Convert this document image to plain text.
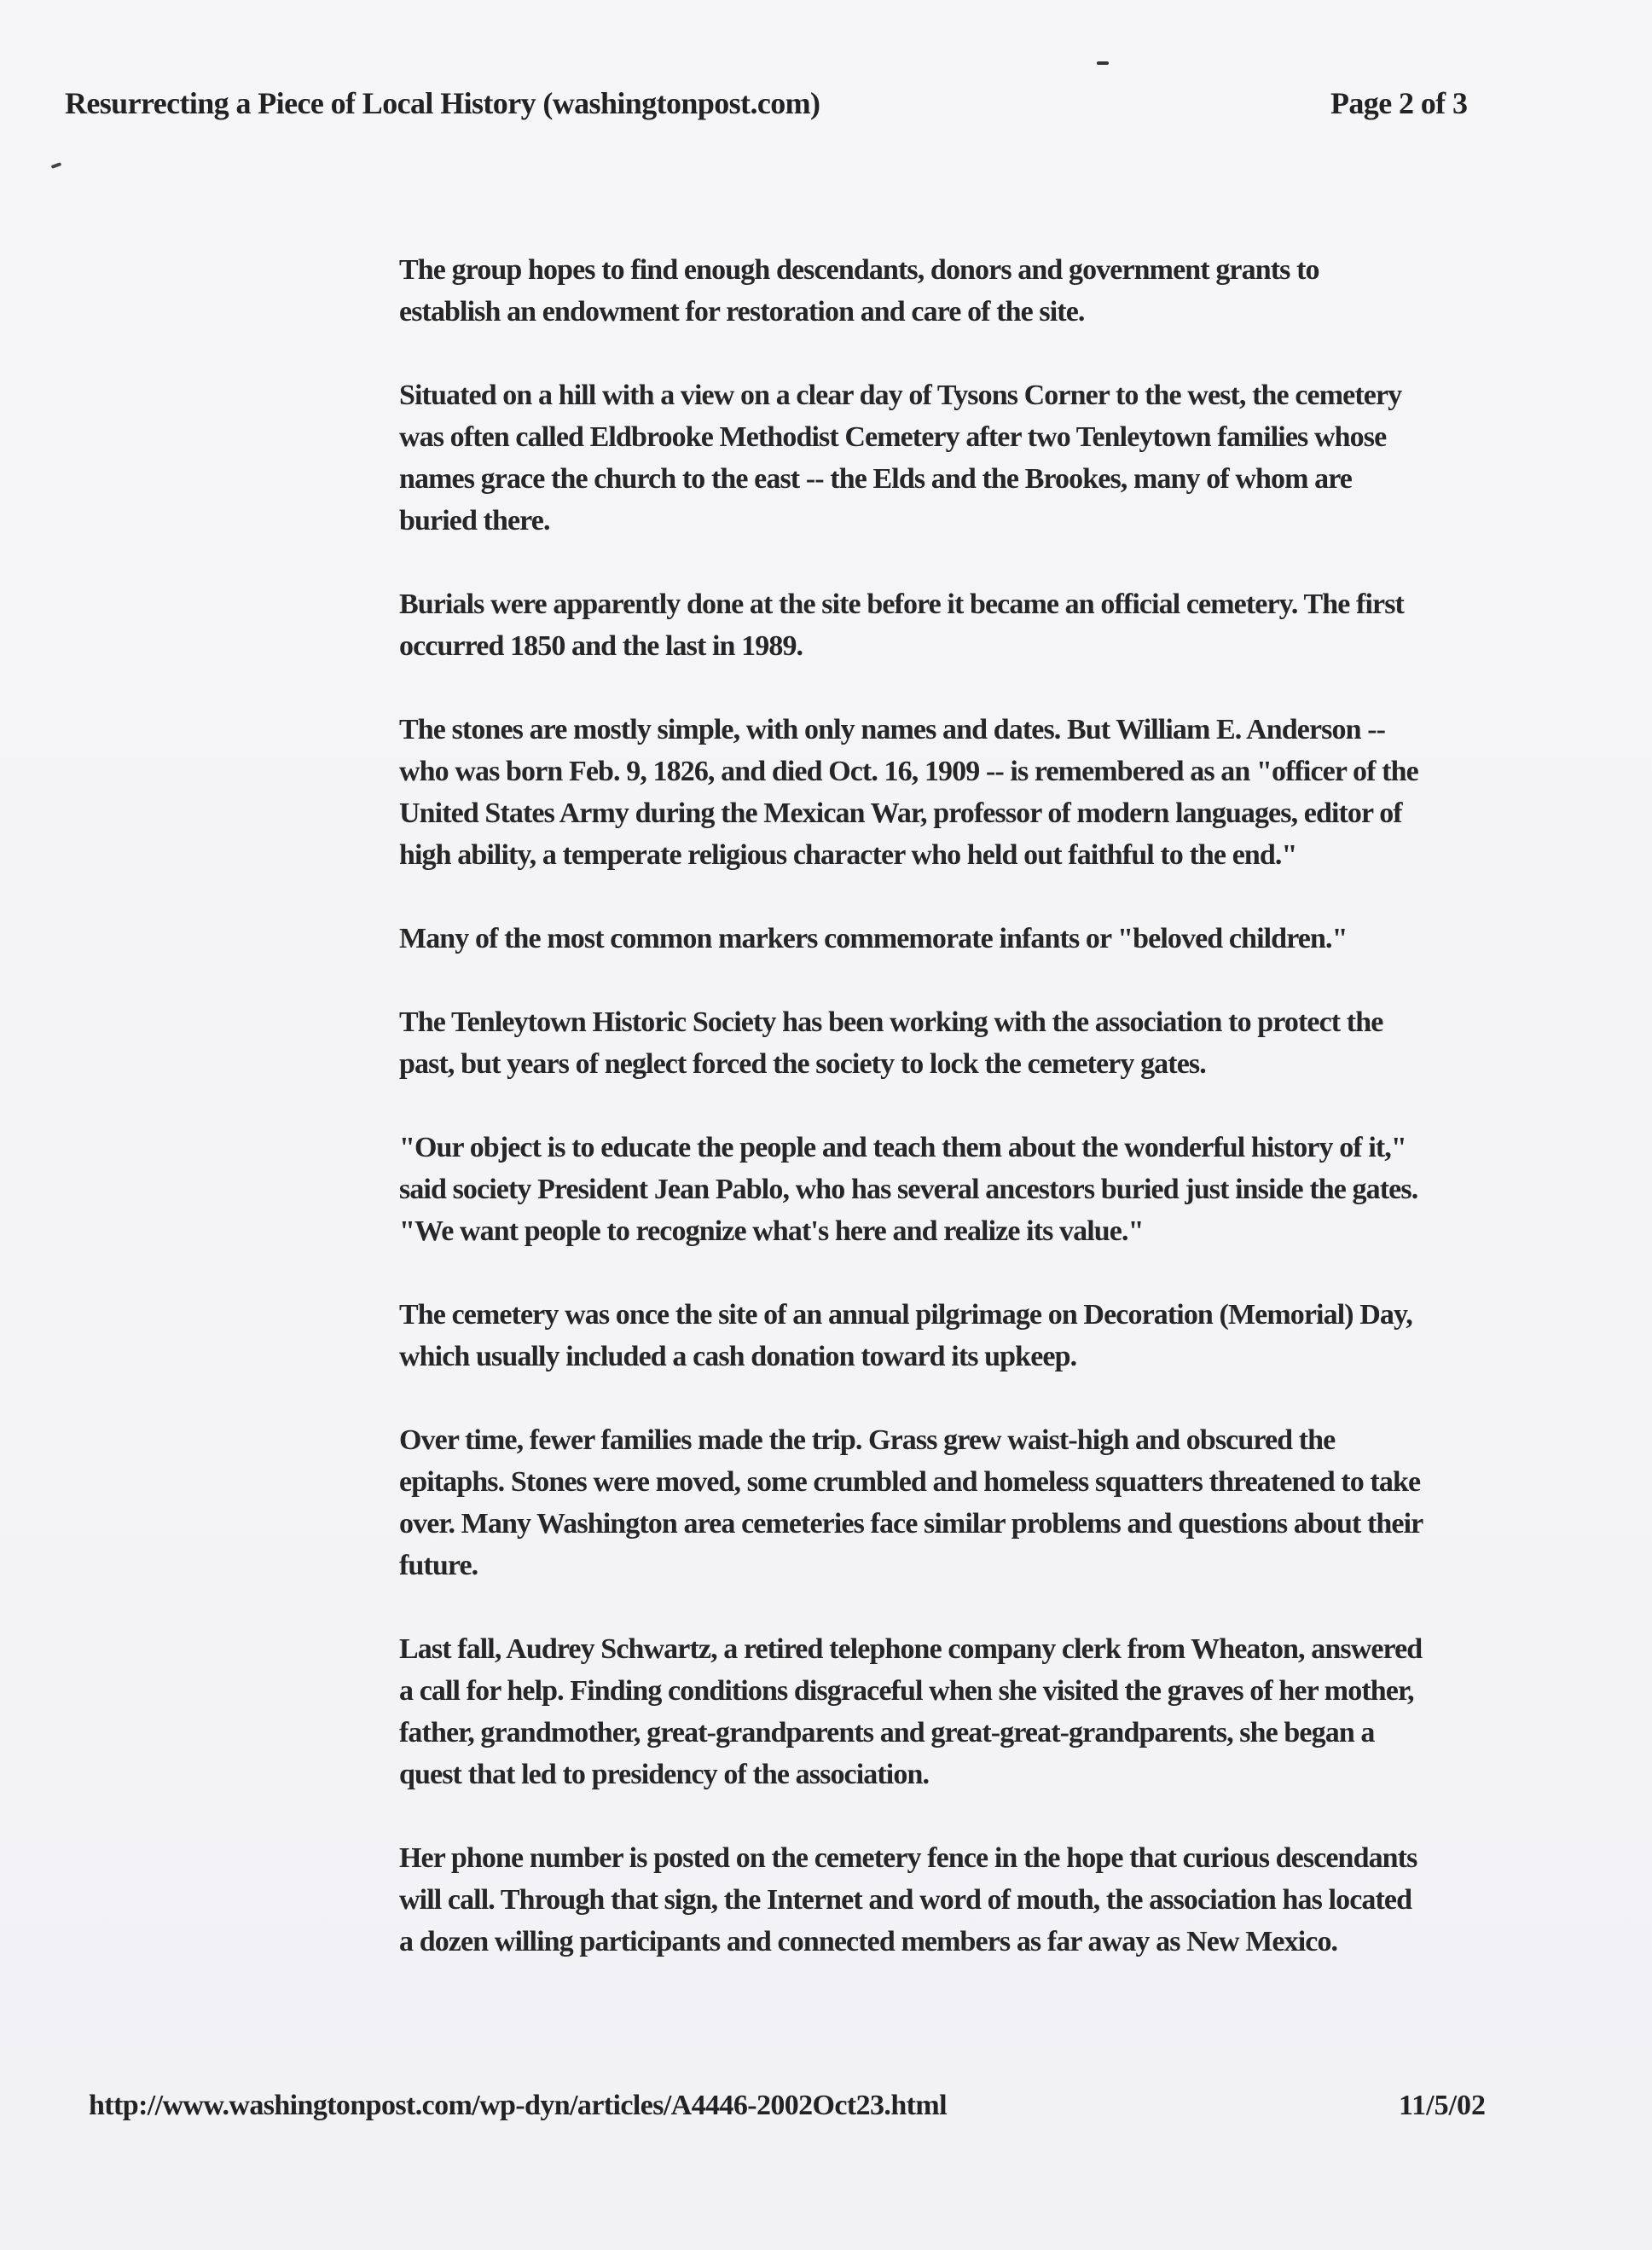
Resurrecting a Piece of Local History (washingtonpost.com)	Page 2 of 3

The group hopes to find enough descendants, donors and government grants to establish an endowment for restoration and care of the site.

Situated on a hill with a view on a clear day of Tysons Corner to the west, the cemetery was often called Eldbrooke Methodist Cemetery after two Tenleytown families whose names grace the church to the east -- the Elds and the Brookes, many of whom are buried there.

Burials were apparently done at the site before it became an official cemetery. The first occurred 1850 and the last in 1989.

The stones are mostly simple, with only names and dates. But William E. Anderson -- who was born Feb. 9, 1826, and died Oct. 16, 1909 -- is remembered as an "officer of the United States Army during the Mexican War, professor of modern languages, editor of high ability, a temperate religious character who held out faithful to the end."

Many of the most common markers commemorate infants or "beloved children."

The Tenleytown Historic Society has been working with the association to protect the past, but years of neglect forced the society to lock the cemetery gates.

"Our object is to educate the people and teach them about the wonderful history of it," said society President Jean Pablo, who has several ancestors buried just inside the gates. "We want people to recognize what's here and realize its value."

The cemetery was once the site of an annual pilgrimage on Decoration (Memorial) Day, which usually included a cash donation toward its upkeep.

Over time, fewer families made the trip. Grass grew waist-high and obscured the epitaphs. Stones were moved, some crumbled and homeless squatters threatened to take over. Many Washington area cemeteries face similar problems and questions about their future.

Last fall, Audrey Schwartz, a retired telephone company clerk from Wheaton, answered a call for help. Finding conditions disgraceful when she visited the graves of her mother, father, grandmother, great-grandparents and great-great-grandparents, she began a quest that led to presidency of the association.

Her phone number is posted on the cemetery fence in the hope that curious descendants will call. Through that sign, the Internet and word of mouth, the association has located a dozen willing participants and connected members as far away as New Mexico.

http://www.washingtonpost.com/wp-dyn/articles/A4446-2002Oct23.html	11/5/02
